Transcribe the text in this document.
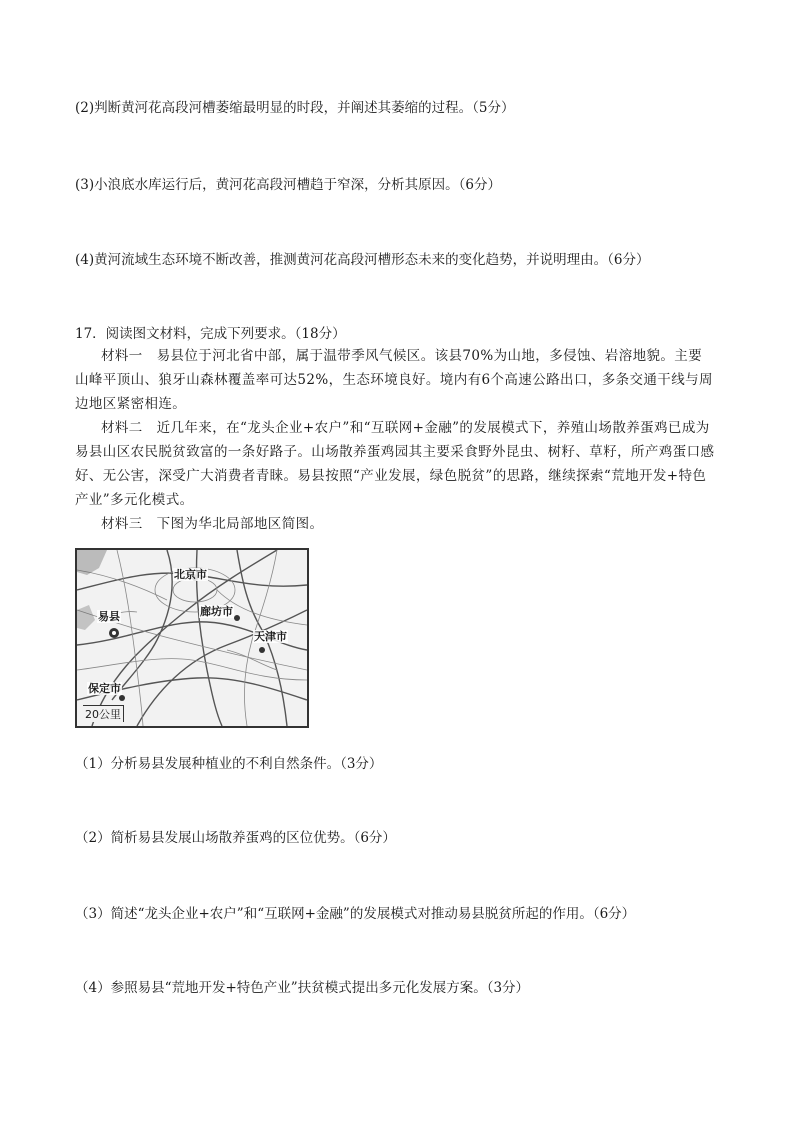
(2)判断黄河花高段河槽萎缩最明显的时段，并阐述其萎缩的过程。（5分）
(3)小浪底水库运行后，黄河花高段河槽趋于窄深，分析其原因。（6分）
(4)黄河流域生态环境不断改善，推测黄河花高段河槽形态未来的变化趋势，并说明理由。（6分）
17．阅读图文材料，完成下列要求。（18分）

材料一　易县位于河北省中部，属于温带季风气候区。该县70%为山地，多侵蚀、岩溶地貌。主要山峰平顶山、狼牙山森林覆盖率可达52%，生态环境良好。境内有6个高速公路出口，多条交通干线与周边地区紧密相连。

材料二　近几年来，在“龙头企业+农户”和“互联网+金融”的发展模式下，养殖山场散养蛋鸡已成为易县山区农民脱贫致富的一条好路子。山场散养蛋鸡园其主要采食野外昆虫、树籽、草籽，所产鸡蛋口感好、无公害，深受广大消费者青睐。易县按照“产业发展，绿色脱贫”的思路，继续探索“荒地开发+特色产业”多元化模式。

材料三　下图为华北局部地区简图。

北京市
易县	廊坊市
天津市
保定市
20公里
（1）分析易县发展种植业的不利自然条件。（3分）
（2）简析易县发展山场散养蛋鸡的区位优势。（6分）
（3）简述“龙头企业+农户”和“互联网+金融”的发展模式对推动易县脱贫所起的作用。（6分）
（4）参照易县“荒地开发+特色产业”扶贫模式提出多元化发展方案。（3分）
